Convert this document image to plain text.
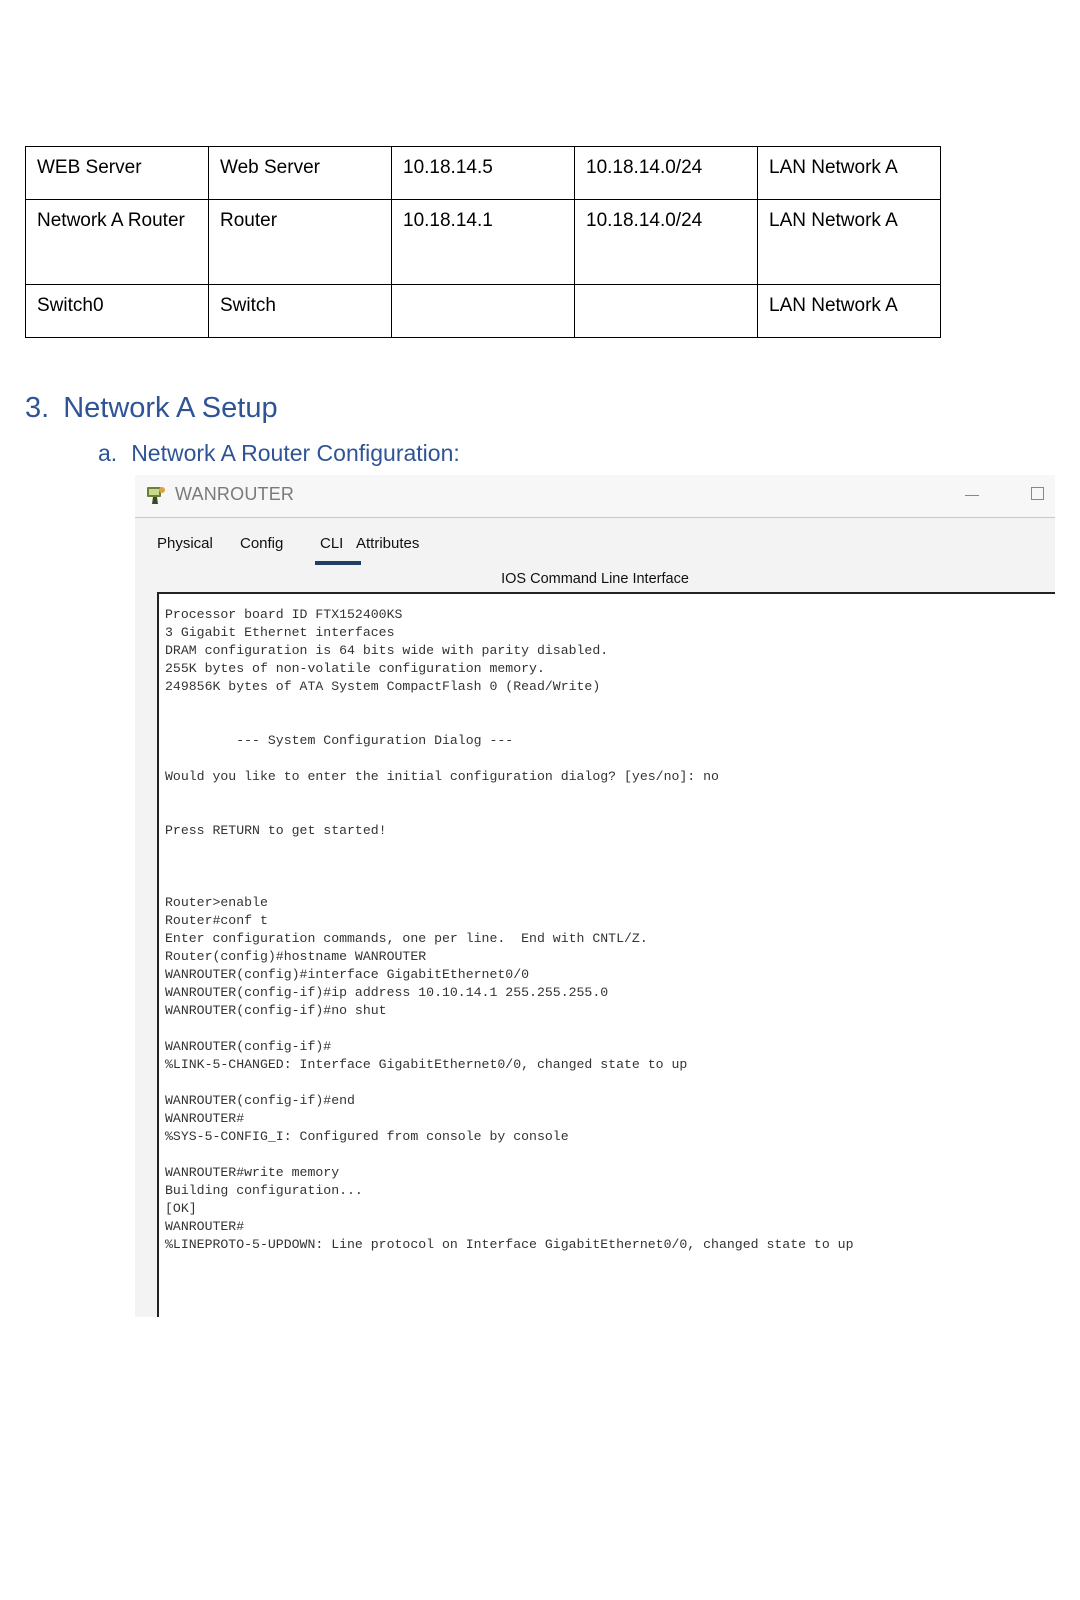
WEB Server	Web Server	10.18.14.5	10.18.14.0/24	LAN Network A
Network A Router	Router	10.18.14.1	10.18.14.0/24	LAN Network A
Switch0	Switch			LAN Network A
3. Network A Setup
a. Network A Router Configuration:
WANROUTER
Physical Config CLI Attributes
IOS Command Line Interface
Processor board ID FTX152400KS
3 Gigabit Ethernet interfaces
DRAM configuration is 64 bits wide with parity disabled.
255K bytes of non-volatile configuration memory.
249856K bytes of ATA System CompactFlash 0 (Read/Write)
--- System Configuration Dialog ---
Would you like to enter the initial configuration dialog? [yes/no]: no
Press RETURN to get started!
Router>enable
Router#conf t
Enter configuration commands, one per line.  End with CNTL/Z.
Router(config)#hostname WANROUTER
WANROUTER(config)#interface GigabitEthernet0/0
WANROUTER(config-if)#ip address 10.10.14.1 255.255.255.0
WANROUTER(config-if)#no shut
WANROUTER(config-if)#
%LINK-5-CHANGED: Interface GigabitEthernet0/0, changed state to up
WANROUTER(config-if)#end
WANROUTER#
%SYS-5-CONFIG_I: Configured from console by console
WANROUTER#write memory
Building configuration...
[OK]
WANROUTER#
%LINEPROTO-5-UPDOWN: Line protocol on Interface GigabitEthernet0/0, changed state to up
